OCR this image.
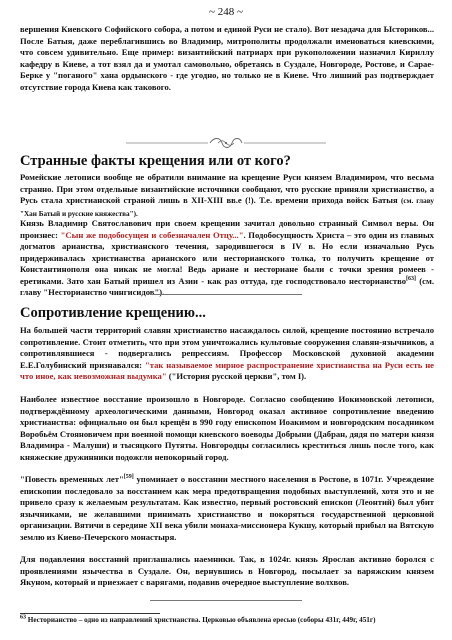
~ 248 ~

вершения Киевского Софийского собора, а потом и единой Руси не стало). Вот незадача для Ысториков... После Батыя, даже переблагившись во Владимир, митрополиты продолжали именоваться киевскими, что совсем удивительно. Еще пример: византийский патриарх при рукоположении назначил Кириллу кафедру в Киеве, а тот взял да и умотал самовольно, обретаясь в Суздале, Новгороде, Ростове, и Сарае-Берке у "поганого" хана ордынского - где угодно, но только не в Киеве. Что лишний раз подтверждает отсутствие города Киева как такового.

Странные факты крещения или от кого?

Ромейские летописи вообще не обратили внимание на крещение Руси князем Владимиром, что весьма странно. При этом отдельные византийские источники сообщают, что русские приняли христианство, а Русь стала христианской страной лишь в XII-XIII вв.е (!). Т.е. времени прихода войск Батыя (см. главу "Хан Батый и русские княжества").

Князь Владимир Святославович при своем крещении зачитал довольно странный Символ веры. Он произнес: "Сын же подобосущен и собезначален Отцу...". Подобосущность Христа – это один из главных догматов арианства, христианского течения, зародившегося в IV в. Но если изначально Русь придерживалась христианства арианского или несторианского толка, то получить крещение от Константинополя она никак не могла! Ведь ариане и несториане были с точки зрения ромеев - еретиками. Зато хан Батый пришел из Азии - как раз оттуда, где господствовало несторианство[63] (см. главу "Несторианство чингисидов").

Сопротивление крещению...

На большей части территорий славян христианство насаждалось силой, крещение постоянно встречало сопротивление. Стоит отметить, что при этом уничтожались культовые сооружения славян-язычников, а сопротивлявшиеся - подвергались репрессиям. Профессор Московской духовной академии Е.Е.Голубинский признавался: "так называемое мирное распространение христианства на Руси есть не что иное, как невозможная выдумка" ("История русской церкви", том I).

Наиболее известное восстание произошло в Новгороде. Согласно сообщению Иокимовской летописи, подтверждённому археологическими данными, Новгород оказал активное сопротивление введению христианства: официально он был крещён в 990 году епископом Иоакимом и новгородским посадником Воробьём Стояновичем при военной помощи киевского воеводы Добрыни (Дабран, дядя по матери князя Владимира - Малуши) и тысяцкого Путяты. Новгородцы согласились креститься лишь после того, как княжеские дружинники подожгли непокорный город.

"Повесть временных лет"[59] упоминает о восстании местного населения в Ростове, в 1071г. Учреждение епископии последовало за восстанием как мера предотвращения подобных выступлений, хотя это и не привело сразу к желаемым результатам. Как известно, первый ростовский епископ (Леонтий) был убит язычниками, не желавшими принимать христианство и покоряться государственной церковной организации. Вятичи в середине XII века убили монаха-миссионера Кукшу, который прибыл на Вятскую землю из Киево-Печерского монастыря.

Для подавления восстаний приглашались наемники. Так, в 1024г. князь Ярослав активно боролся с проявлениями язычества в Суздале. Он, вернувшись в Новгород, посылает за варяжским князем Якуном, который и приезжает с варягами, подавив очередное выступление волхвов.

$^{63}$ Несторианство – одно из направлений христианства. Церковью объявлена ересью (соборы 431г, 449г, 451г)
